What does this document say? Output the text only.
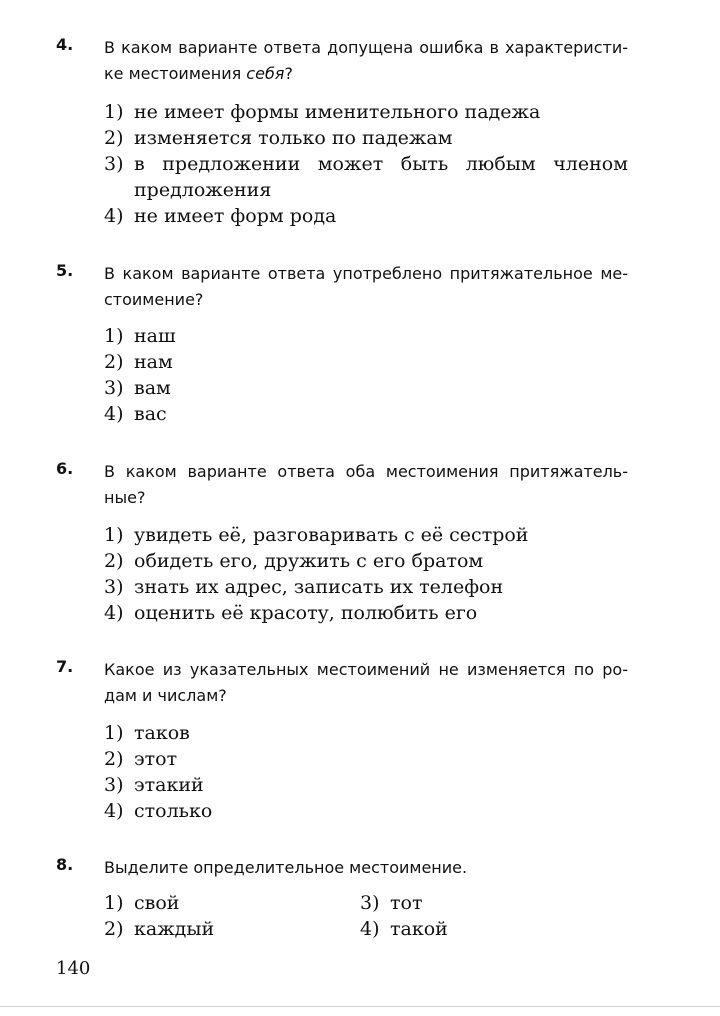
4. В каком варианте ответа допущена ошибка в характеристи-ке местоимения себя?
1) не имеет формы именительного падежа
2) изменяется только по падежам
3) в предложении может быть любым членом предложения
4) не имеет форм рода
5. В каком варианте ответа употреблено притяжательное ме-стоимение?
1) наш
2) нам
3) вам
4) вас
6. В каком варианте ответа оба местоимения притяжатель-ные?
1) увидеть её, разговаривать с её сестрой
2) обидеть его, дружить с его братом
3) знать их адрес, записать их телефон
4) оценить её красоту, полюбить его
7. Какое из указательных местоимений не изменяется по ро-дам и числам?
1) таков
2) этот
3) этакий
4) столько
8. Выделите определительное местоимение.
1) свой
2) каждый
3) тот
4) такой
140
